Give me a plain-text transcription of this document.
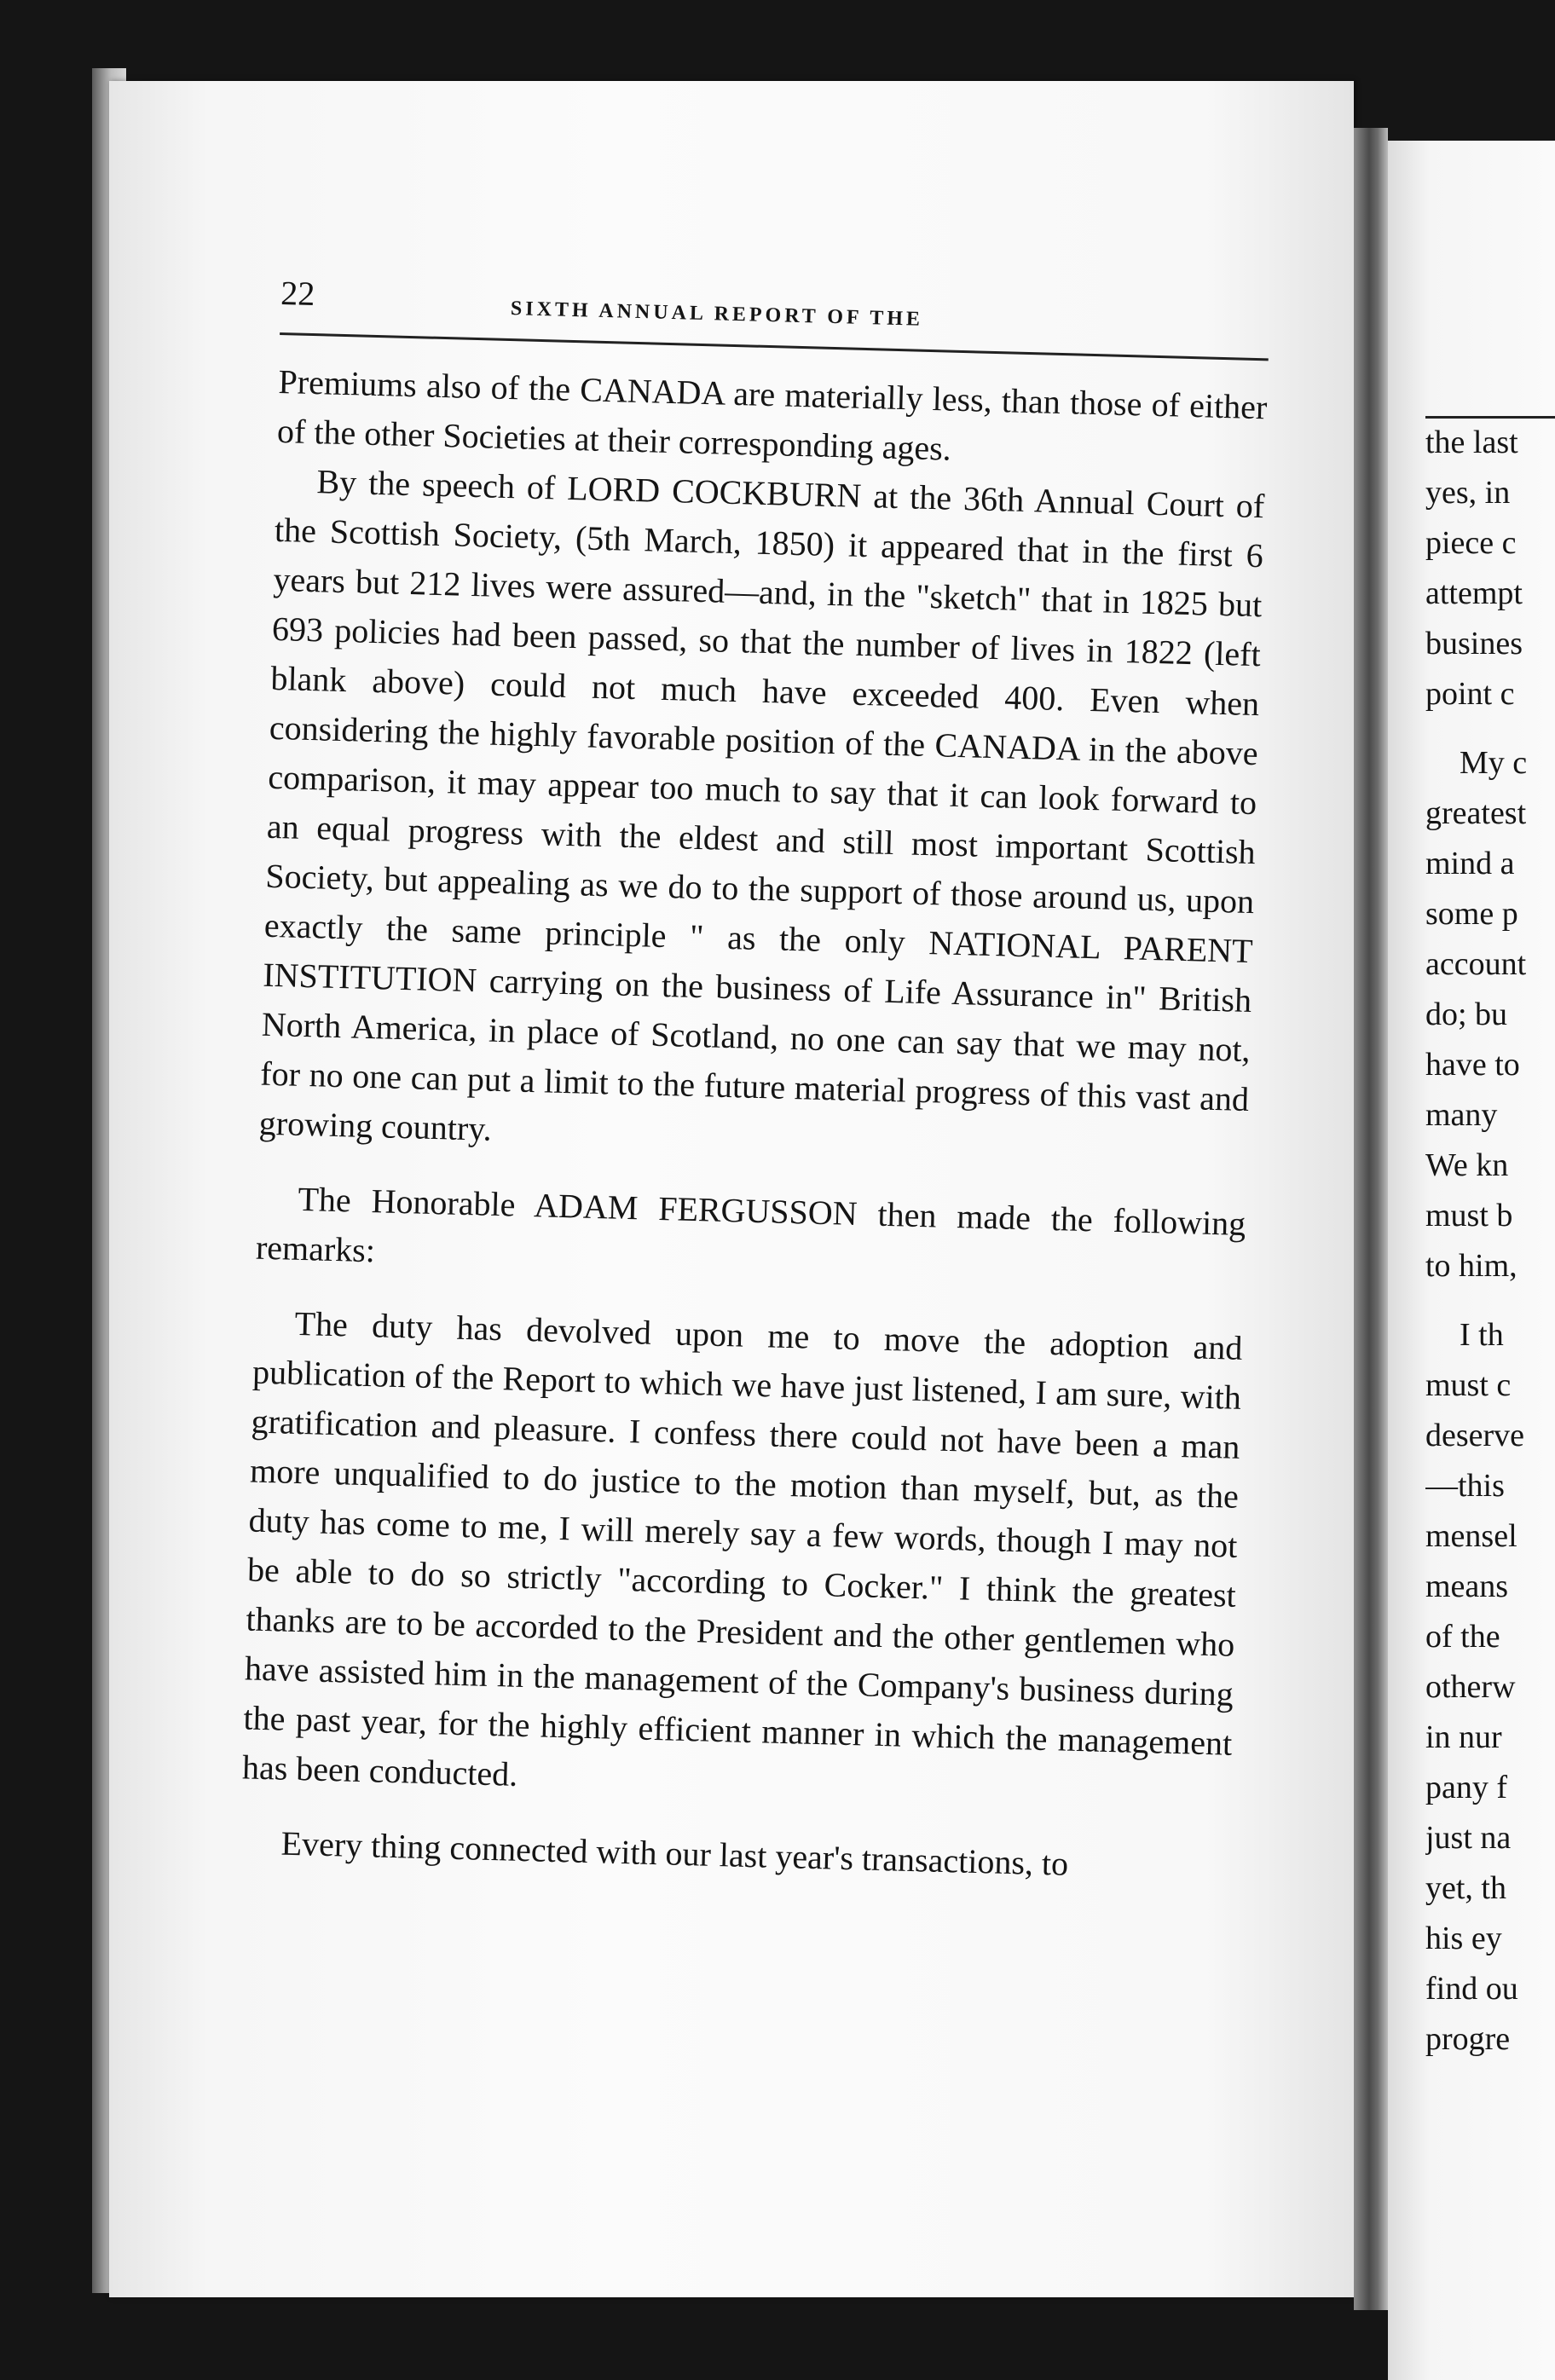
22
SIXTH ANNUAL REPORT OF THE

Premiums also of the CANADA are materially less, than those of either of the other Societies at their corresponding ages.

By the speech of LORD COCKBURN at the 36th Annual Court of the Scottish Society, (5th March, 1850) it appeared that in the first 6 years but 212 lives were assured—and, in the "sketch" that in 1825 but 693 policies had been passed, so that the number of lives in 1822 (left blank above) could not much have exceeded 400. Even when considering the highly favorable position of the CANADA in the above comparison, it may appear too much to say that it can look forward to an equal progress with the eldest and still most important Scottish Society, but appealing as we do to the support of those around us, upon exactly the same principle " as the only NATIONAL PARENT INSTITUTION carrying on the business of Life Assurance in" British North America, in place of Scotland, no one can say that we may not, for no one can put a limit to the future material progress of this vast and growing country.

The Honorable ADAM FERGUSSON then made the following remarks:

The duty has devolved upon me to move the adoption and publication of the Report to which we have just listened, I am sure, with gratification and pleasure. I confess there could not have been a man more unqualified to do justice to the motion than myself, but, as the duty has come to me, I will merely say a few words, though I may not be able to do so strictly "according to Cocker." I think the greatest thanks are to be accorded to the President and the other gentlemen who have assisted him in the management of the Company's business during the past year, for the highly efficient manner in which the management has been conducted.

Every thing connected with our last year's transactions, to

the last
yes, in
piece c
attempt
busines
point c
My c
greatest
mind a
some p
account
do; bu
have to
many
We kn
must b
to him,
I th
must c
deserve
—this
mensel
means
of the
otherw
in nur
pany f
just na
yet, th
his ey
find ou
progre
